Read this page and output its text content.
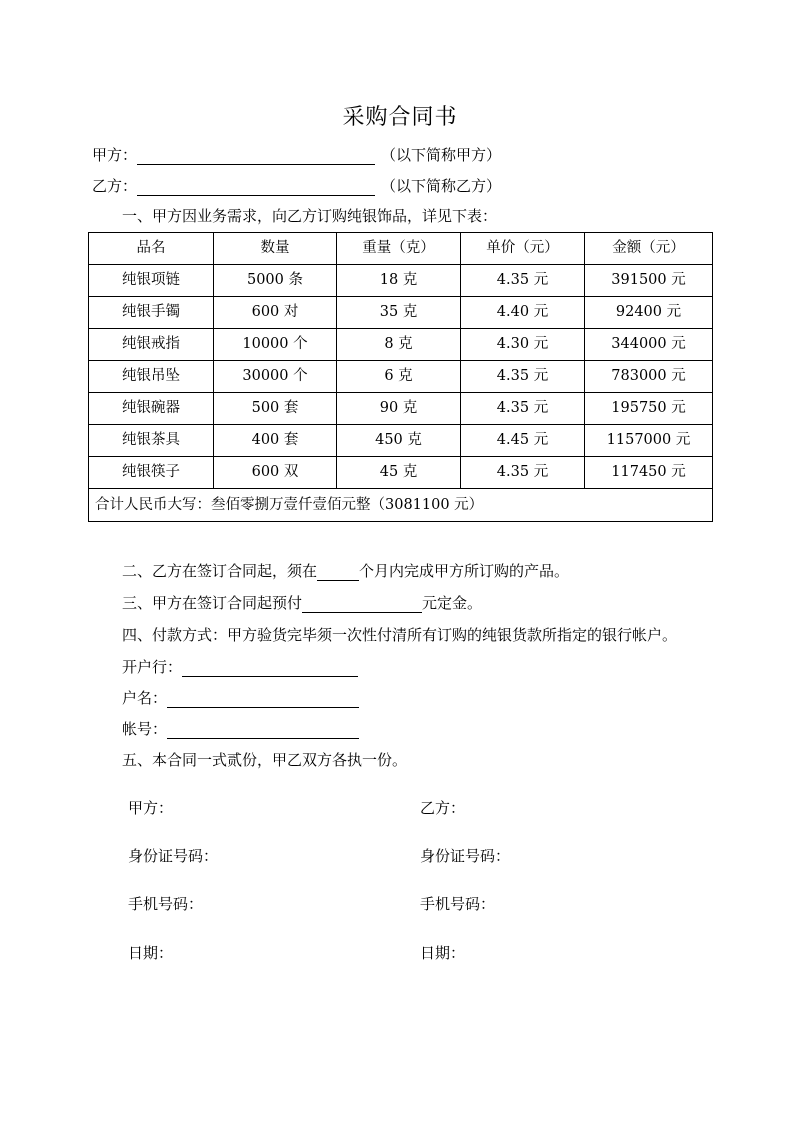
采购合同书
甲方：	（以下简称甲方）
乙方：	（以下简称乙方）
一、甲方因业务需求，向乙方订购纯银饰品，详见下表：
品名	数量	重量（克）	单价（元）	金额（元）
纯银项链	5000 条	18 克	4.35 元	391500 元
纯银手镯	600 对	35 克	4.40 元	92400 元
纯银戒指	10000 个	8 克	4.30 元	344000 元
纯银吊坠	30000 个	6 克	4.35 元	783000 元
纯银碗器	500 套	90 克	4.35 元	195750 元
纯银茶具	400 套	450 克	4.45 元	1157000 元
纯银筷子	600 双	45 克	4.35 元	117450 元
合计人民币大写：叁佰零捌万壹仟壹佰元整（3081100 元）				
二、乙方在签订合同起，须在	个月内完成甲方所订购的产品。
三、甲方在签订合同起预付	元定金。
四、付款方式：甲方验货完毕须一次性付清所有订购的纯银货款所指定的银行帐户。
开户行：
户名：
帐号：
五、本合同一式贰份，甲乙双方各执一份。
甲方：	乙方：
身份证号码：	身份证号码：
手机号码：	手机号码：
日期：	日期：
